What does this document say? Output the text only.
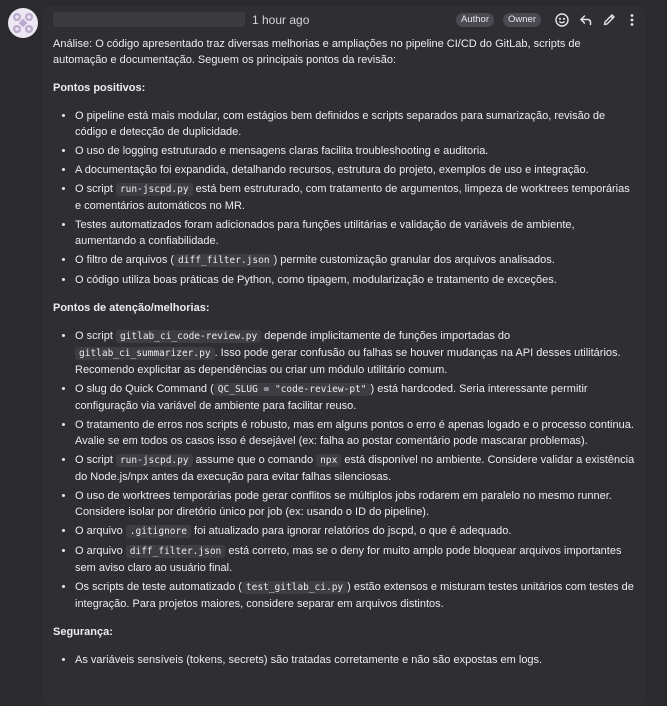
1 hour ago	Author	Owner

Análise: O código apresentado traz diversas melhorias e ampliações no pipeline CI/CD do GitLab, scripts de automação e documentação. Seguem os principais pontos da revisão:

Pontos positivos:

• O pipeline está mais modular, com estágios bem definidos e scripts separados para sumarização, revisão de código e detecção de duplicidade.
• O uso de logging estruturado e mensagens claras facilita troubleshooting e auditoria.
• A documentação foi expandida, detalhando recursos, estrutura do projeto, exemplos de uso e integração.
• O script run-jscpd.py está bem estruturado, com tratamento de argumentos, limpeza de worktrees temporárias e comentários automáticos no MR.
• Testes automatizados foram adicionados para funções utilitárias e validação de variáveis de ambiente, aumentando a confiabilidade.
• O filtro de arquivos ( diff_filter.json ) permite customização granular dos arquivos analisados.
• O código utiliza boas práticas de Python, como tipagem, modularização e tratamento de exceções.

Pontos de atenção/melhorias:

• O script gitlab_ci_code-review.py depende implicitamente de funções importadas do gitlab_ci_summarizer.py . Isso pode gerar confusão ou falhas se houver mudanças na API desses utilitários. Recomendo explicitar as dependências ou criar um módulo utilitário comum.
• O slug do Quick Command ( QC_SLUG = "code-review-pt" ) está hardcoded. Seria interessante permitir configuração via variável de ambiente para facilitar reuso.
• O tratamento de erros nos scripts é robusto, mas em alguns pontos o erro é apenas logado e o processo continua. Avalie se em todos os casos isso é desejável (ex: falha ao postar comentário pode mascarar problemas).
• O script run-jscpd.py assume que o comando npx está disponível no ambiente. Considere validar a existência do Node.js/npx antes da execução para evitar falhas silenciosas.
• O uso de worktrees temporárias pode gerar conflitos se múltiplos jobs rodarem em paralelo no mesmo runner. Considere isolar por diretório único por job (ex: usando o ID do pipeline).
• O arquivo .gitignore foi atualizado para ignorar relatórios do jscpd, o que é adequado.
• O arquivo diff_filter.json está correto, mas se o deny for muito amplo pode bloquear arquivos importantes sem aviso claro ao usuário final.
• Os scripts de teste automatizado ( test_gitlab_ci.py ) estão extensos e misturam testes unitários com testes de integração. Para projetos maiores, considere separar em arquivos distintos.

Segurança:

• As variáveis sensíveis (tokens, secrets) são tratadas corretamente e não são expostas em logs.
